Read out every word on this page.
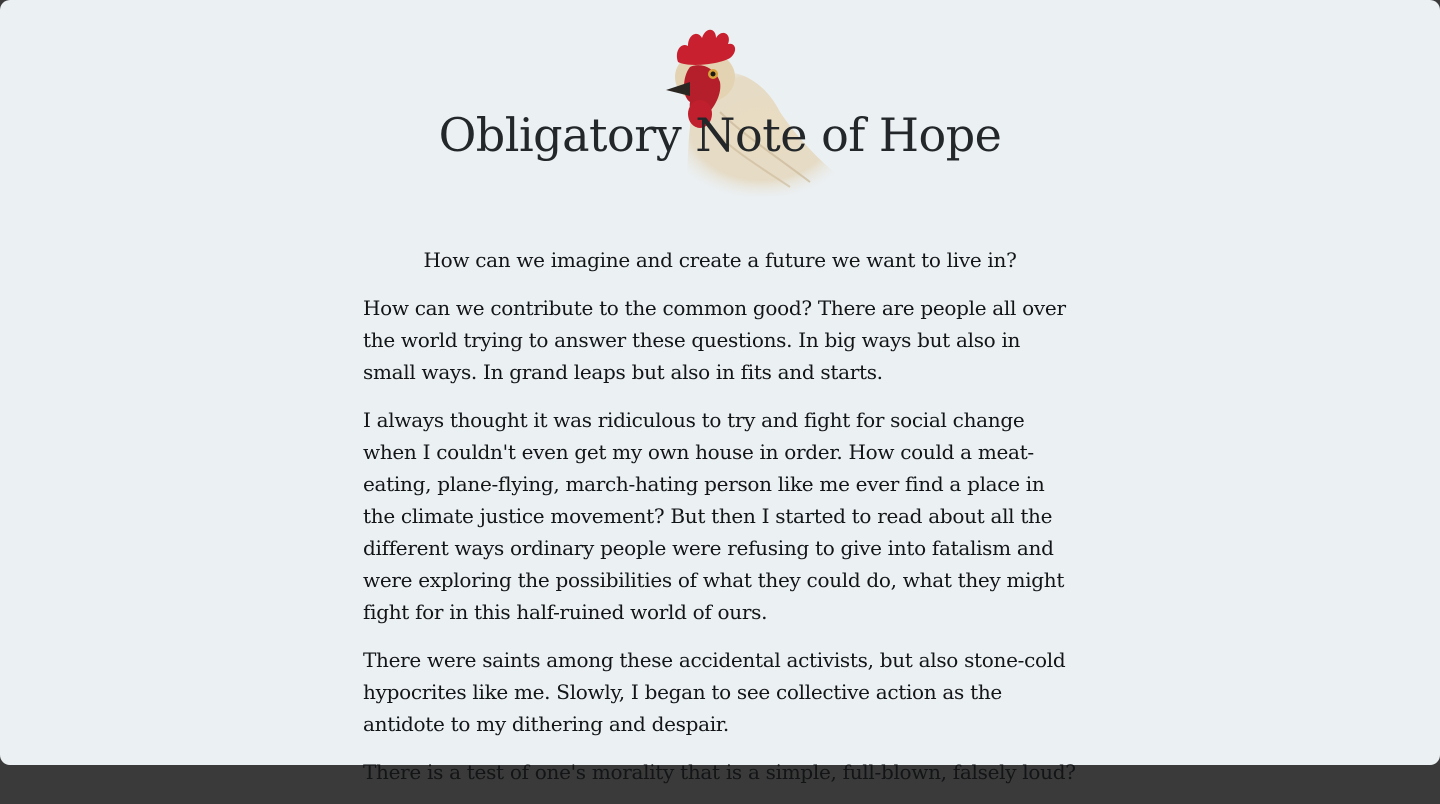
Obligatory Note of Hope

How can we imagine and create a future we want to live in?

How can we contribute to the common good? There are people all over the world trying to answer these questions. In big ways but also in small ways. In grand leaps but also in fits and starts.

I always thought it was ridiculous to try and fight for social change when I couldn't even get my own house in order. How could a meat-eating, plane-flying, march-hating person like me ever find a place in the climate justice movement? But then I started to read about all the different ways ordinary people were refusing to give into fatalism and were exploring the possibilities of what they could do, what they might fight for in this half-ruined world of ours.

There were saints among these accidental activists, but also stone-cold hypocrites like me. Slowly, I began to see collective action as the antidote to my dithering and despair.

There is a test of one's morality that is a simple, full-blown, falsely loud?
